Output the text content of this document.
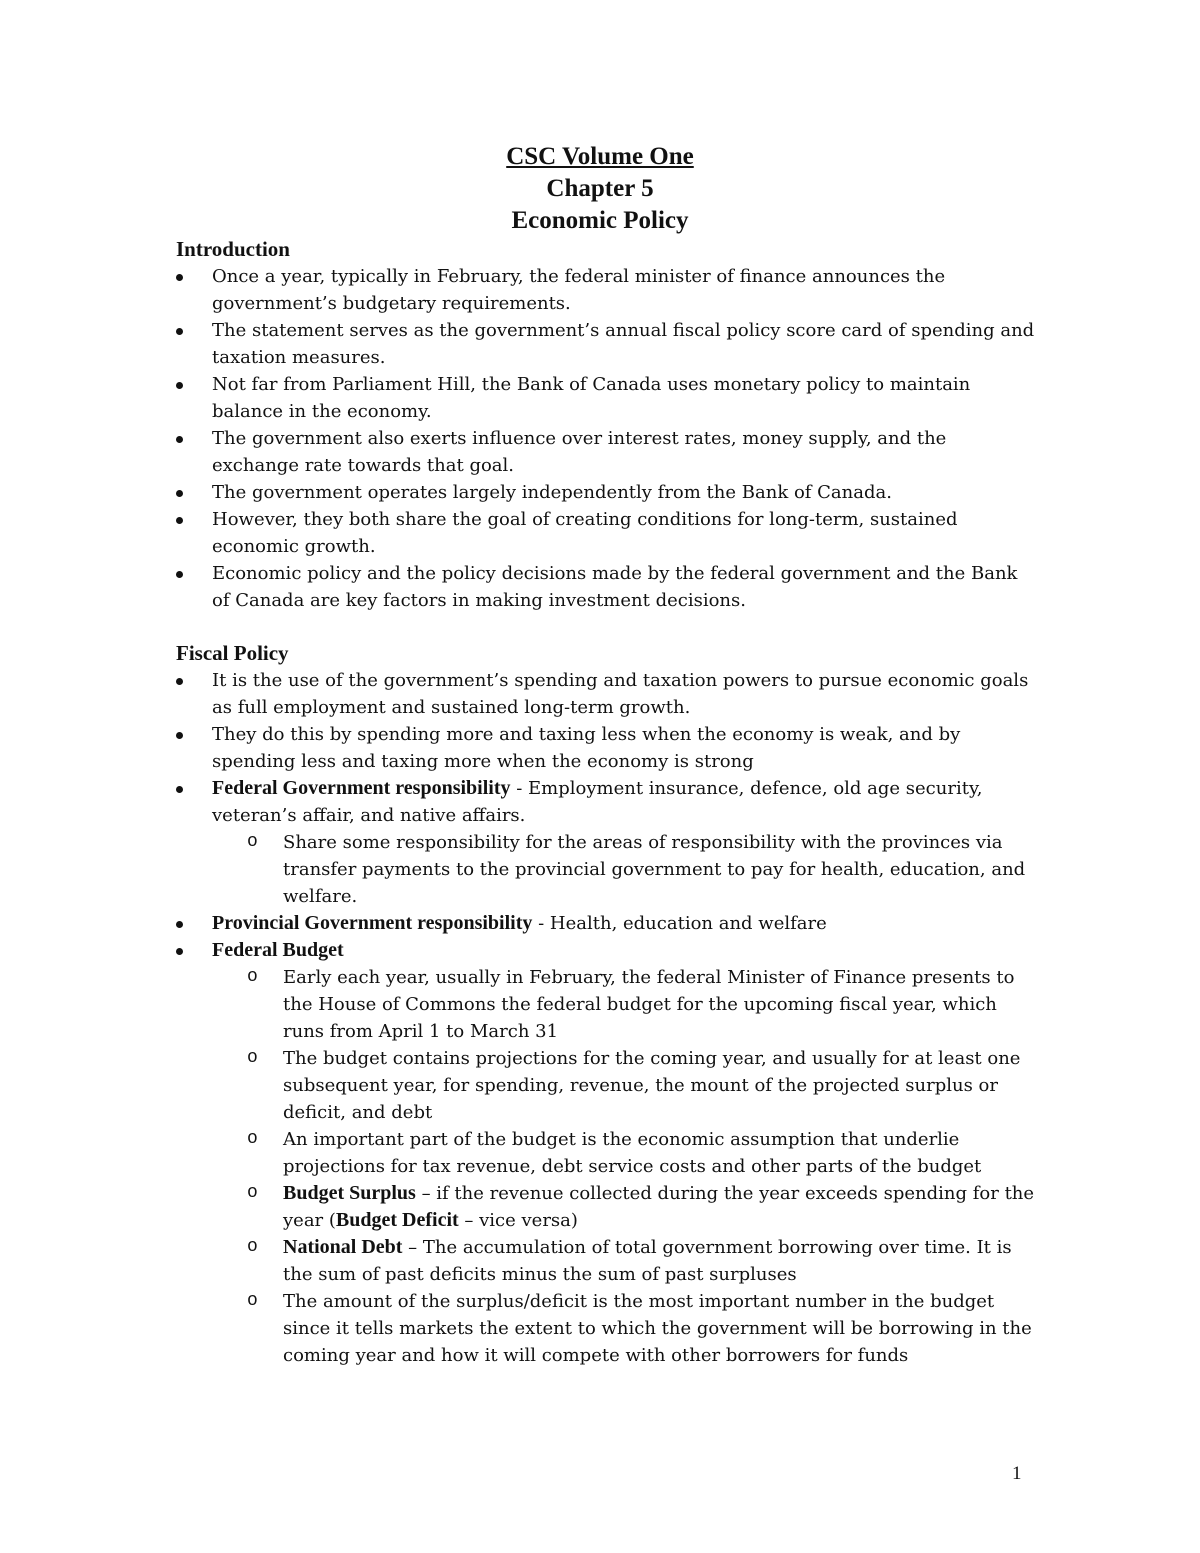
CSC Volume One
Chapter 5
Economic Policy
Introduction
Once a year, typically in February, the federal minister of finance announces the government’s budgetary requirements.
The statement serves as the government’s annual fiscal policy score card of spending and taxation measures.
Not far from Parliament Hill, the Bank of Canada uses monetary policy to maintain balance in the economy.
The government also exerts influence over interest rates, money supply, and the exchange rate towards that goal.
The government operates largely independently from the Bank of Canada.
However, they both share the goal of creating conditions for long-term, sustained economic growth.
Economic policy and the policy decisions made by the federal government and the Bank of Canada are key factors in making investment decisions.
Fiscal Policy
It is the use of the government’s spending and taxation powers to pursue economic goals as full employment and sustained long-term growth.
They do this by spending more and taxing less when the economy is weak, and by spending less and taxing more when the economy is strong
Federal Government responsibility - Employment insurance, defence, old age security, veteran’s affair, and native affairs.
o Share some responsibility for the areas of responsibility with the provinces via transfer payments to the provincial government to pay for health, education, and welfare.
Provincial Government responsibility - Health, education and welfare
Federal Budget
o Early each year, usually in February, the federal Minister of Finance presents to the House of Commons the federal budget for the upcoming fiscal year, which runs from April 1 to March 31
o The budget contains projections for the coming year, and usually for at least one subsequent year, for spending, revenue, the mount of the projected surplus or deficit, and debt
o An important part of the budget is the economic assumption that underlie projections for tax revenue, debt service costs and other parts of the budget
o Budget Surplus – if the revenue collected during the year exceeds spending for the year (Budget Deficit – vice versa)
o National Debt – The accumulation of total government borrowing over time. It is the sum of past deficits minus the sum of past surpluses
o The amount of the surplus/deficit is the most important number in the budget since it tells markets the extent to which the government will be borrowing in the coming year and how it will compete with other borrowers for funds
1
